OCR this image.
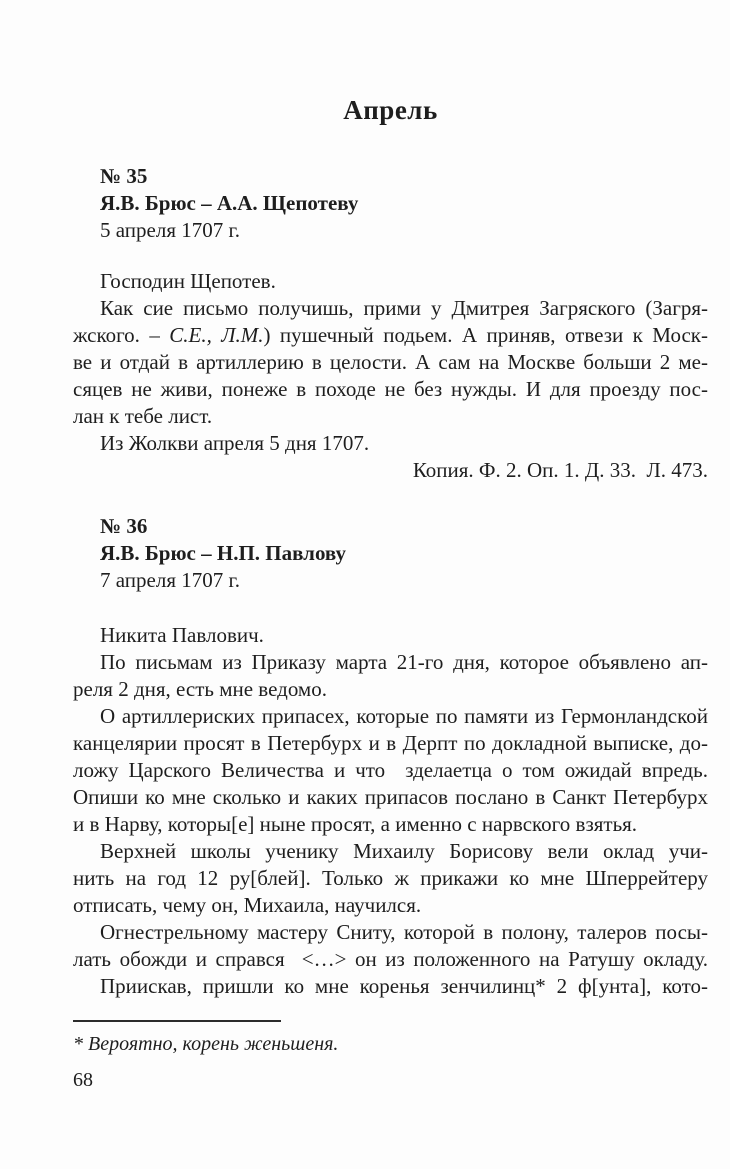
Апрель
№ 35
Я.В. Брюс – А.А. Щепотеву
5 апреля 1707 г.
Господин Щепотев.
Как сие письмо получишь, прими у Дмитрея Загряского (Загря-
жского. – С.Е., Л.М.) пушечный подьем. А приняв, отвези к Моск-
ве и отдай в артиллерию в целости. А сам на Москве больши 2 ме-
сяцев не живи, понеже в походе не без нужды. И для проезду пос-
лан к тебе лист.
Из Жолкви апреля 5 дня 1707.
Копия. Ф. 2. Оп. 1. Д. 33.  Л. 473.
№ 36
Я.В. Брюс – Н.П. Павлову
7 апреля 1707 г.
Никита Павлович.
По письмам из Приказу марта 21-го дня, которое объявлено ап-
реля 2 дня, есть мне ведомо.
О артиллериских припасех, которые по памяти из Гермонландской
канцелярии просят в Петербурх и в Дерпт по докладной выписке, до-
ложу Царского Величества и что  зделаетца о том ожидай впредь.
Опиши ко мне сколько и каких припасов послано в Санкт Петербурх
и в Нарву, которы[е] ныне просят, а именно с нарвского взятья.
Верхней школы ученику Михаилу Борисову вели оклад учи-
нить на год 12 ру[блей]. Только ж прикажи ко мне Шперрейтеру
отписать, чему он, Михаила, научился.
Огнестрельному мастеру Сниту, которой в полону, талеров посы-
лать обожди и справся  <…> он из положенного на Ратушу окладу.
Приискав, пришли ко мне коренья зенчилинц* 2 ф[унта], кото-
* Вероятно, корень женьшеня.
68
